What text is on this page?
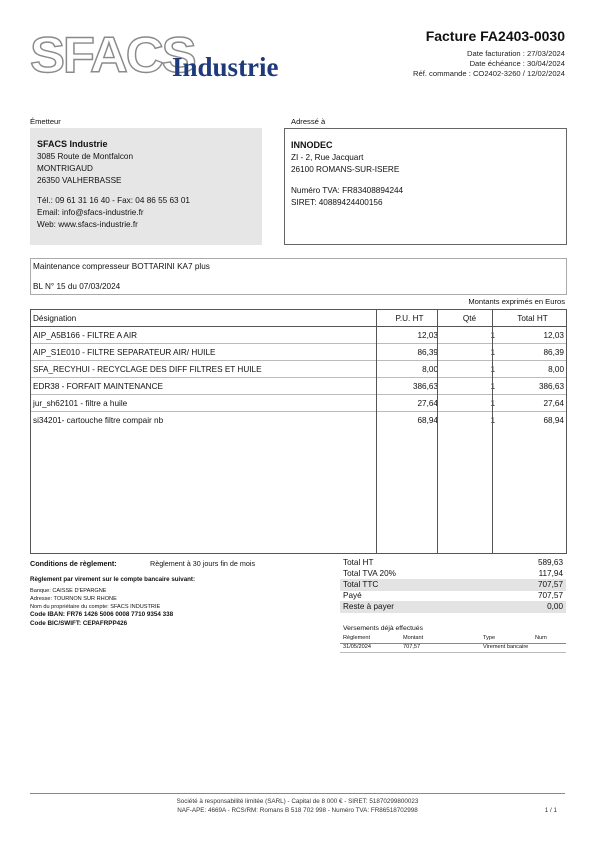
SFACS
Industrie
Facture FA2403-0030
Date facturation : 27/03/2024
Date échéance : 30/04/2024
Réf. commande : CO2402-3260 / 12/02/2024
Émetteur
SFACS Industrie
3085 Route de Montfalcon
MONTRIGAUD
26350 VALHERBASSE
Tél.: 09 61 31 16 40 - Fax: 04 86 55 63 01
Email: info@sfacs-industrie.fr
Web: www.sfacs-industrie.fr
Adressé à
INNODEC
ZI - 2, Rue Jacquart
26100 ROMANS-SUR-ISERE
Numéro TVA: FR83408894244
SIRET: 40889424400156
Maintenance compresseur BOTTARINI KA7 plus
BL N° 15 du 07/03/2024
Montants exprimés en Euros
Désignation	P.U. HT	Qté	Total HT
AIP_A5B166 - FILTRE A AIR	12,03	1	12,03
AIP_S1E010 - FILTRE SEPARATEUR AIR/ HUILE	86,39	1	86,39
SFA_RECYHUI - RECYCLAGE DES DIFF FILTRES ET HUILE	8,00	1	8,00
EDR38 - FORFAIT MAINTENANCE	386,63	1	386,63
jur_sh62101 - filtre a huile	27,64	1	27,64
si34201- cartouche filtre compair nb	68,94	1	68,94
Conditions de règlement:	Règlement à 30 jours fin de mois
Règlement par virement sur le compte bancaire suivant:
Banque: CAISSE D'EPARGNE
Adresse: TOURNON SUR RHONE
Nom du propriétaire du compte: SFACS INDUSTRIE
Code IBAN: FR76 1426 5006 0008 7710 9354 338
Code BIC/SWIFT: CEPAFRPP426
Total HT	589,63
Total TVA 20%	117,94
Total TTC	707,57
Payé	707,57
Reste à payer	0,00
Versements déjà effectués
Règlement	Montant	Type	Num
31/05/2024	707,57	Virement bancaire
Société à responsabilité limitée (SARL) - Capital de 8 000 € - SIRET: 51870299800023
NAF-APE: 4669A - RCS/RM: Romans B 518 702 998 - Numéro TVA: FR86518702998	1 / 1
